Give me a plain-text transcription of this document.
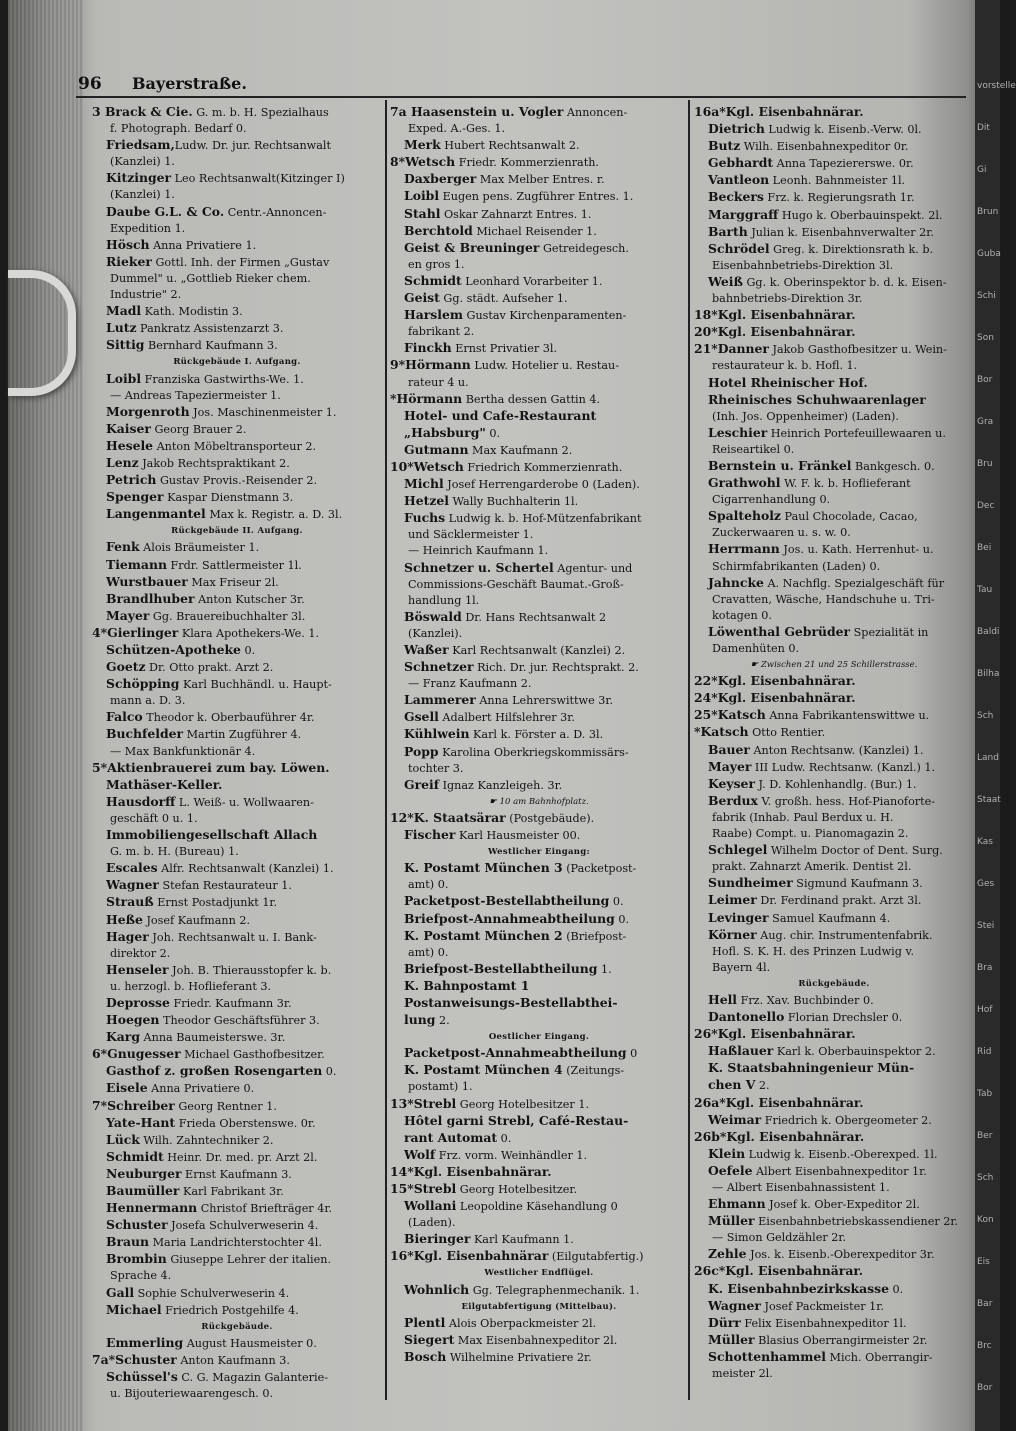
96 Bayerstraße.
3 Brack & Cie. G. m. b. H. Spezialhaus
f. Photograph. Bedarf 0.
Friedsam,Ludw. Dr. jur. Rechtsanwalt
(Kanzlei) 1.
Kitzinger Leo Rechtsanwalt(Kitzinger I)
(Kanzlei) 1.
Daube G.L. & Co. Centr.-Annoncen-
Expedition 1.
Hösch Anna Privatiere 1.
Rieker Gottl. Inh. der Firmen „Gustav
Dummel" u. „Gottlieb Rieker chem.
Industrie" 2.
Madl Kath. Modistin 3.
Lutz Pankratz Assistenzarzt 3.
Sittig Bernhard Kaufmann 3.
Rückgebäude I. Aufgang.
Loibl Franziska Gastwirths-We. 1.
— Andreas Tapeziermeister 1.
Morgenroth Jos. Maschinenmeister 1.
Kaiser Georg Brauer 2.
Hesele Anton Möbeltransporteur 2.
Lenz Jakob Rechtspraktikant 2.
Petrich Gustav Provis.-Reisender 2.
Spenger Kaspar Dienstmann 3.
Langenmantel Max k. Registr. a. D. 3l.
Rückgebäude II. Aufgang.
Fenk Alois Bräumeister 1.
Tiemann Frdr. Sattlermeister 1l.
Wurstbauer Max Friseur 2l.
Brandlhuber Anton Kutscher 3r.
Mayer Gg. Brauereibuchhalter 3l.
4*Gierlinger Klara Apothekers-We. 1.
Schützen-Apotheke 0.
Goetz Dr. Otto prakt. Arzt 2.
Schöpping Karl Buchhändl. u. Haupt-
mann a. D. 3.
Falco Theodor k. Oberbauführer 4r.
Buchfelder Martin Zugführer 4.
— Max Bankfunktionär 4.
5*Aktienbrauerei zum bay. Löwen.
Mathäser-Keller.
Hausdorff L. Weiß- u. Wollwaaren-
geschäft 0 u. 1.
Immobiliengesellschaft Allach
G. m. b. H. (Bureau) 1.
Escales Alfr. Rechtsanwalt (Kanzlei) 1.
Wagner Stefan Restaurateur 1.
Strauß Ernst Postadjunkt 1r.
Heße Josef Kaufmann 2.
Hager Joh. Rechtsanwalt u. I. Bank-
direktor 2.
Henseler Joh. B. Thierausstopfer k. b.
u. herzogl. b. Hoflieferant 3.
Deprosse Friedr. Kaufmann 3r.
Hoegen Theodor Geschäftsführer 3.
Karg Anna Baumeisterswe. 3r.
6*Gnugesser Michael Gasthofbesitzer.
Gasthof z. großen Rosengarten 0.
Eisele Anna Privatiere 0.
7*Schreiber Georg Rentner 1.
Yate-Hant Frieda Oberstenswe. 0r.
Lück Wilh. Zahntechniker 2.
Schmidt Heinr. Dr. med. pr. Arzt 2l.
Neuburger Ernst Kaufmann 3.
Baumüller Karl Fabrikant 3r.
Hennermann Christof Briefträger 4r.
Schuster Josefa Schulverweserin 4.
Braun Maria Landrichterstochter 4l.
Brombin Giuseppe Lehrer der italien.
Sprache 4.
Gall Sophie Schulverweserin 4.
Michael Friedrich Postgehilfe 4.
Rückgebäude.
Emmerling August Hausmeister 0.
7a*Schuster Anton Kaufmann 3.
Schüssel's C. G. Magazin Galanterie-
u. Bijouteriewaarengesch. 0.
7a Haasenstein u. Vogler Annoncen-
Exped. A.-Ges. 1.
Merk Hubert Rechtsanwalt 2.
8*Wetsch Friedr. Kommerzienrath.
Daxberger Max Melber Entres. r.
Loibl Eugen pens. Zugführer Entres. 1.
Stahl Oskar Zahnarzt Entres. 1.
Berchtold Michael Reisender 1.
Geist & Breuninger Getreidegesch.
en gros 1.
Schmidt Leonhard Vorarbeiter 1.
Geist Gg. städt. Aufseher 1.
Harslem Gustav Kirchenparamenten-
fabrikant 2.
Finckh Ernst Privatier 3l.
9*Hörmann Ludw. Hotelier u. Restau-
rateur 4 u.
*Hörmann Bertha dessen Gattin 4.
Hotel- und Cafe-Restaurant
„Habsburg" 0.
Gutmann Max Kaufmann 2.
10*Wetsch Friedrich Kommerzienrath.
Michl Josef Herrengarderobe 0 (Laden).
Hetzel Wally Buchhalterin 1l.
Fuchs Ludwig k. b. Hof-Mützenfabrikant
und Säcklermeister 1.
— Heinrich Kaufmann 1.
Schnetzer u. Schertel Agentur- und
Commissions-Geschäft Baumat.-Groß-
handlung 1l.
Böswald Dr. Hans Rechtsanwalt 2
(Kanzlei).
Waßer Karl Rechtsanwalt (Kanzlei) 2.
Schnetzer Rich. Dr. jur. Rechtsprakt. 2.
— Franz Kaufmann 2.
Lammerer Anna Lehrerswittwe 3r.
Gsell Adalbert Hilfslehrer 3r.
Kühlwein Karl k. Förster a. D. 3l.
Popp Karolina Oberkriegskommissärs-
tochter 3.
Greif Ignaz Kanzleigeh. 3r.
☛ 10 am Bahnhofplatz.
12*K. Staatsärar (Postgebäude).
Fischer Karl Hausmeister 00.
Westlicher Eingang:
K. Postamt München 3 (Packetpost-
amt) 0.
Packetpost-Bestellabtheilung 0.
Briefpost-Annahmeabtheilung 0.
K. Postamt München 2 (Briefpost-
amt) 0.
Briefpost-Bestellabtheilung 1.
K. Bahnpostamt 1
Postanweisungs-Bestellabthei-
lung 2.
Oestlicher Eingang.
Packetpost-Annahmeabtheilung 0
K. Postamt München 4 (Zeitungs-
postamt) 1.
13*Strebl Georg Hotelbesitzer 1.
Hôtel garni Strebl, Café-Restau-
rant Automat 0.
Wolf Frz. vorm. Weinhändler 1.
14*Kgl. Eisenbahnärar.
15*Strebl Georg Hotelbesitzer.
Wollani Leopoldine Käsehandlung 0
(Laden).
Bieringer Karl Kaufmann 1.
16*Kgl. Eisenbahnärar (Eilgutabfertig.)
Westlicher Endflügel.
Wohnlich Gg. Telegraphenmechanik. 1.
Eilgutabfertigung (Mittelbau).
Plentl Alois Oberpackmeister 2l.
Siegert Max Eisenbahnexpeditor 2l.
Bosch Wilhelmine Privatiere 2r.
16a*Kgl. Eisenbahnärar.
Dietrich Ludwig k. Eisenb.-Verw. 0l.
Butz Wilh. Eisenbahnexpeditor 0r.
Gebhardt Anna Tapeziererswe. 0r.
Vantleon Leonh. Bahnmeister 1l.
Beckers Frz. k. Regierungsrath 1r.
Marggraff Hugo k. Oberbauinspekt. 2l.
Barth Julian k. Eisenbahnverwalter 2r.
Schrödel Greg. k. Direktionsrath k. b.
Eisenbahnbetriebs-Direktion 3l.
Weiß Gg. k. Oberinspektor b. d. k. Eisen-
bahnbetriebs-Direktion 3r.
18*Kgl. Eisenbahnärar.
20*Kgl. Eisenbahnärar.
21*Danner Jakob Gasthofbesitzer u. Wein-
restaurateur k. b. Hofl. 1.
Hotel Rheinischer Hof.
Rheinisches Schuhwaarenlager
(Inh. Jos. Oppenheimer) (Laden).
Leschier Heinrich Portefeuillewaaren u.
Reiseartikel 0.
Bernstein u. Fränkel Bankgesch. 0.
Grathwohl W. F. k. b. Hoflieferant
Cigarrenhandlung 0.
Spalteholz Paul Chocolade, Cacao,
Zuckerwaaren u. s. w. 0.
Herrmann Jos. u. Kath. Herrenhut- u.
Schirmfabrikanten (Laden) 0.
Jahncke A. Nachflg. Spezialgeschäft für
Cravatten, Wäsche, Handschuhe u. Tri-
kotagen 0.
Löwenthal Gebrüder Spezialität in
Damenhüten 0.
☛ Zwischen 21 und 25 Schillerstrasse.
22*Kgl. Eisenbahnärar.
24*Kgl. Eisenbahnärar.
25*Katsch Anna Fabrikantenswittwe u.
*Katsch Otto Rentier.
Bauer Anton Rechtsanw. (Kanzlei) 1.
Mayer III Ludw. Rechtsanw. (Kanzl.) 1.
Keyser J. D. Kohlenhandlg. (Bur.) 1.
Berdux V. großh. hess. Hof-Pianoforte-
fabrik (Inhab. Paul Berdux u. H.
Raabe) Compt. u. Pianomagazin 2.
Schlegel Wilhelm Doctor of Dent. Surg.
prakt. Zahnarzt Amerik. Dentist 2l.
Sundheimer Sigmund Kaufmann 3.
Leimer Dr. Ferdinand prakt. Arzt 3l.
Levinger Samuel Kaufmann 4.
Körner Aug. chir. Instrumentenfabrik.
Hofl. S. K. H. des Prinzen Ludwig v.
Bayern 4l.
Rückgebäude.
Hell Frz. Xav. Buchbinder 0.
Dantonello Florian Drechsler 0.
26*Kgl. Eisenbahnärar.
Haßlauer Karl k. Oberbauinspektor 2.
K. Staatsbahningenieur Mün-
chen V 2.
26a*Kgl. Eisenbahnärar.
Weimar Friedrich k. Obergeometer 2.
26b*Kgl. Eisenbahnärar.
Klein Ludwig k. Eisenb.-Oberexped. 1l.
Oefele Albert Eisenbahnexpeditor 1r.
— Albert Eisenbahnassistent 1.
Ehmann Josef k. Ober-Expeditor 2l.
Müller Eisenbahnbetriebskassendiener 2r.
— Simon Geldzähler 2r.
Zehle Jos. k. Eisenb.-Oberexpeditor 3r.
26c*Kgl. Eisenbahnärar.
K. Eisenbahnbezirkskasse 0.
Wagner Josef Packmeister 1r.
Dürr Felix Eisenbahnexpeditor 1l.
Müller Blasius Oberrangirmeister 2r.
Schottenhammel Mich. Oberrangir-
meister 2l.
vorstelle
Dit
Gi
Brun
Guba
Schi
Son
Bor
Gra
Bru
Dec
Bei
Tau
Baldi
Bilha
Sch
Land
Staat
Kas
Ges
Stei
Bra
Hof
Rid
Tab
Ber
Sch
Kon
Eis
Bar
Brc
Bor
